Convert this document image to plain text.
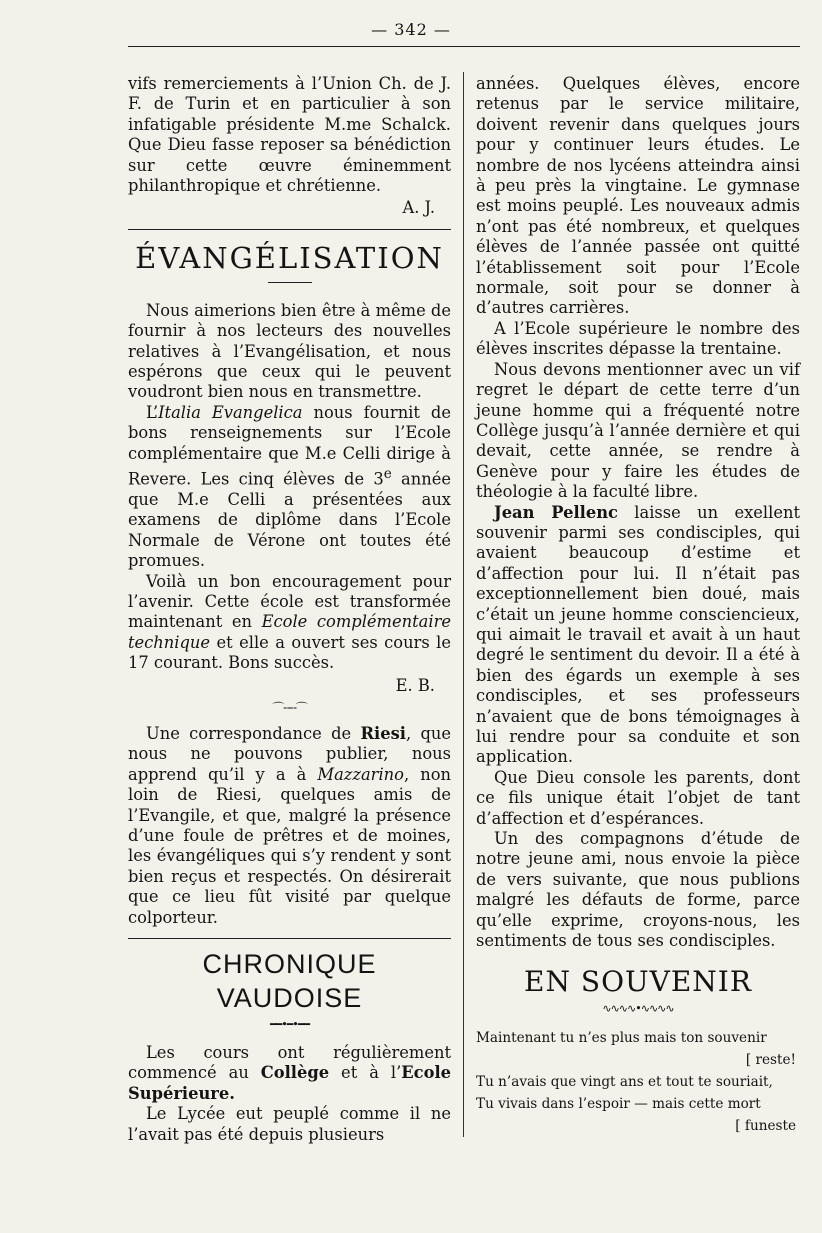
— 342 —

vifs remerciements à l’Union Ch. de J. F. de Turin et en particulier à son infatigable présidente M.me Schalck. Que Dieu fasse reposer sa bénédiction sur cette œuvre éminemment philanthropique et chrétienne.

A. J.

ÉVANGÉLISATION

Nous aimerions bien être à même de fournir à nos lecteurs des nouvelles relatives à l’Evangélisation, et nous espérons que ceux qui le peuvent voudront bien nous en transmettre.

L’Italia Evangelica nous fournit de bons renseignements sur l’Ecole complémentaire que M.e Celli dirige à Revere. Les cinq élèves de 3e année que M.e Celli a présentées aux examens de diplôme dans l’Ecole Normale de Vérone ont toutes été promues.

Voilà un bon encouragement pour l’avenir. Cette école est transformée maintenant en Ecole complémentaire technique et elle a ouvert ses cours le 17 courant. Bons succès.

E. B.

⌒╌╌⌒

Une correspondance de Riesi, que nous ne pouvons publier, nous apprend qu’il y a à Mazzarino, non loin de Riesi, quelques amis de l’Evangile, et que, malgré la présence d’une foule de prêtres et de moines, les évangéliques qui s’y rendent y sont bien reçus et respectés. On désirerait que ce lieu fût visité par quelque colporteur.

CHRONIQUE VAUDOISE
━━•━•━━

Les cours ont régulièrement commencé au Collège et à l’Ecole Supérieure.

Le Lycée eut peuplé comme il ne l’avait pas été depuis plusieurs

années. Quelques élèves, encore retenus par le service militaire, doivent revenir dans quelques jours pour y continuer leurs études. Le nombre de nos lycéens atteindra ainsi à peu près la vingtaine. Le gymnase est moins peuplé. Les nouveaux admis n’ont pas été nombreux, et quelques élèves de l’année passée ont quitté l’établissement soit pour l’Ecole normale, soit pour se donner à d’autres carrières.

A l’Ecole supérieure le nombre des élèves inscrites dépasse la trentaine.

Nous devons mentionner avec un vif regret le départ de cette terre d’un jeune homme qui a fréquenté notre Collège jusqu’à l’année dernière et qui devait, cette année, se rendre à Genève pour y faire les études de théologie à la faculté libre.

Jean Pellenc laisse un exellent souvenir parmi ses condisciples, qui avaient beaucoup d’estime et d’affection pour lui. Il n’était pas exceptionnellement bien doué, mais c’était un jeune homme consciencieux, qui aimait le travail et avait à un haut degré le sentiment du devoir. Il a été à bien des égards un exemple à ses condisciples, et ses professeurs n’avaient que de bons témoignages à lui rendre pour sa conduite et son application.

Que Dieu console les parents, dont ce fils unique était l’objet de tant d’affection et d’espérances.

Un des compagnons d’étude de notre jeune ami, nous envoie la pièce de vers suivante, que nous publions malgré les défauts de forme, parce qu’elle exprime, croyons-nous, les sentiments de tous ses condisciples.

EN SOUVENIR
∿∿∿∿•∿∿∿∿
Maintenant tu n’es plus mais ton souvenir
[ reste!
Tu n’avais que vingt ans et tout te souriait,
Tu vivais dans l’espoir — mais cette mort
[ funeste
